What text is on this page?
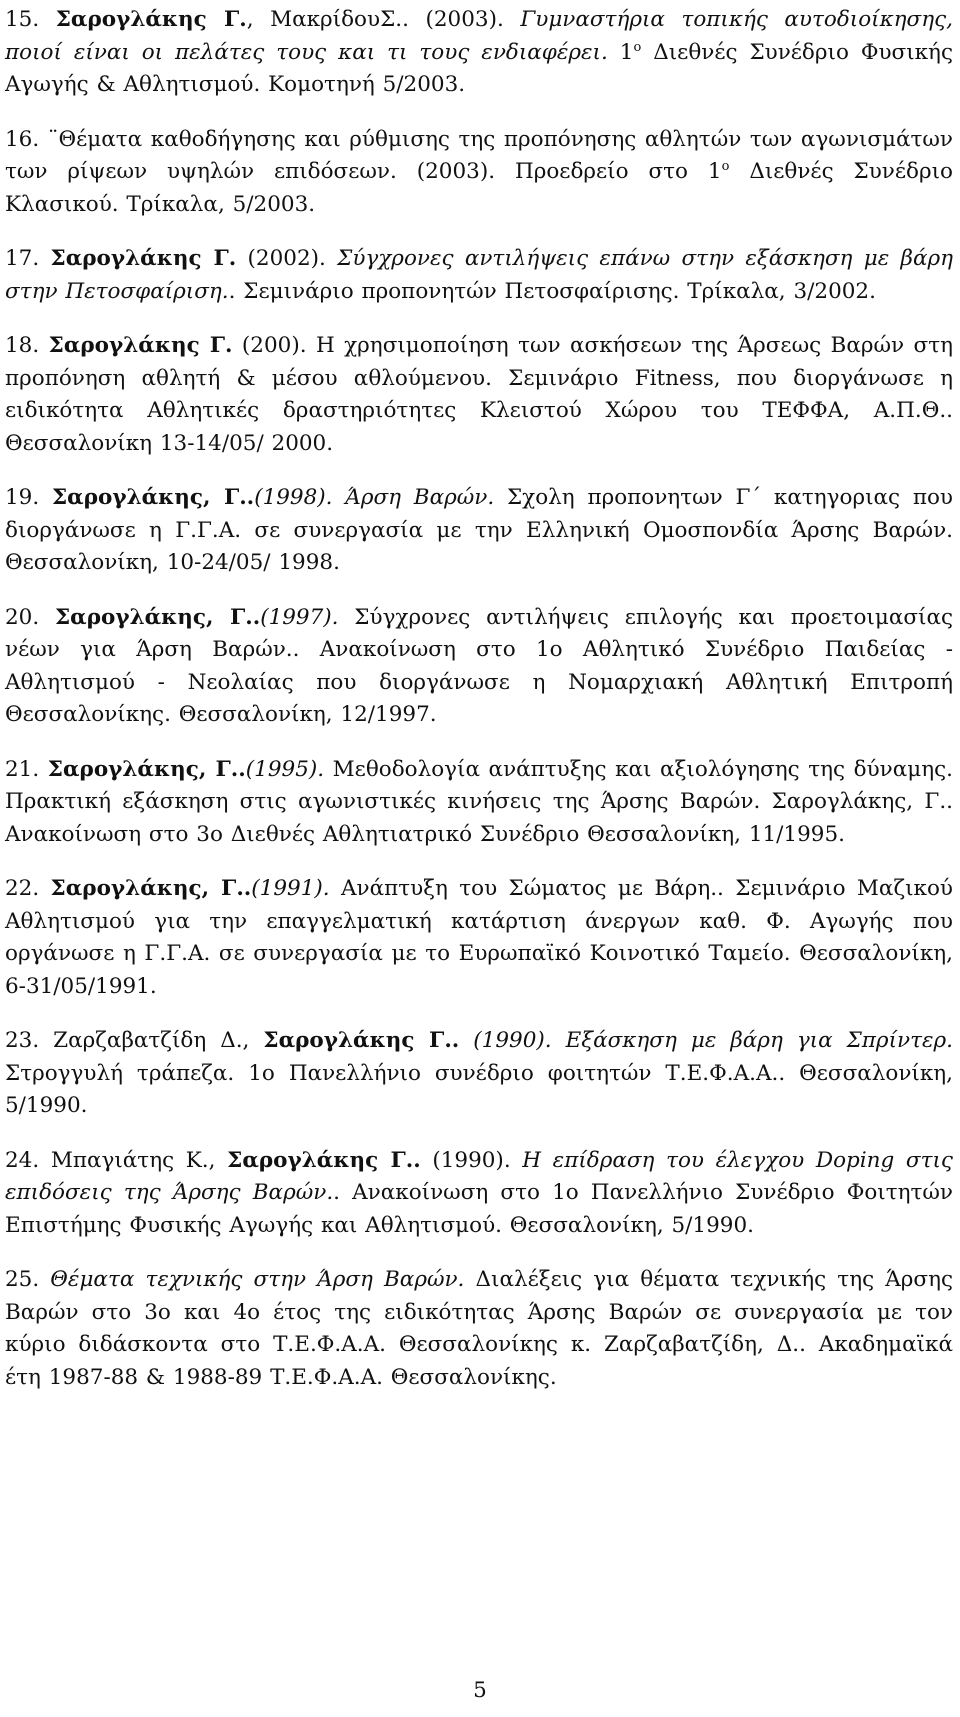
15. Σαρογλάκης Γ., ΜακρίδουΣ.. (2003). Γυμναστήρια τοπικής αυτοδιοίκησης, ποιοί είναι οι πελάτες τους και τι τους ενδιαφέρει. $1^o$ Διεθνές Συνέδριο Φυσικής Αγωγής & Αθλητισμού. Κομοτηνή 5/2003.

16. ¨Θέματα καθοδήγησης και ρύθμισης της προπόνησης αθλητών των αγωνισμάτων των ρίψεων υψηλών επιδόσεων. (2003). Προεδρείο στο $1^o$ Διεθνές Συνέδριο Κλασικού. Τρίκαλα, 5/2003.

17. Σαρογλάκης Γ. (2002). Σύγχρονες αντιλήψεις επάνω στην εξάσκηση με βάρη στην Πετοσφαίριση.. Σεμινάριο προπονητών Πετοσφαίρισης. Τρίκαλα, 3/2002.

18. Σαρογλάκης Γ. (200). Η χρησιμοποίηση των ασκήσεων της Άρσεως Βαρών στη προπόνηση αθλητή & μέσου αθλούμενου. Σεμινάριο Fitness, που διοργάνωσε η ειδικότητα Αθλητικές δραστηριότητες Κλειστού Χώρου του ΤΕΦΦΑ, Α.Π.Θ.. Θεσσαλονίκη 13-14/05/ 2000.

19. Σαρογλάκης, Γ..(1998). Άρση Βαρών. Σχολη προπονητων Γ΄ κατηγοριας που διοργάνωσε η Γ.Γ.Α. σε συνεργασία με την Ελληνική Ομοσπονδία Άρσης Βαρών. Θεσσαλονίκη, 10-24/05/ 1998.

20. Σαρογλάκης, Γ..(1997). Σύγχρονες αντιλήψεις επιλογής και προετοιμασίας νέων για Άρση Βαρών.. Ανακοίνωση στο 1ο Αθλητικό Συνέδριο Παιδείας - Αθλητισμού - Νεολαίας που διοργάνωσε η Νομαρχιακή Αθλητική Επιτροπή Θεσσαλονίκης. Θεσσαλονίκη, 12/1997.

21. Σαρογλάκης, Γ..(1995). Μεθοδολογία ανάπτυξης και αξιολόγησης της δύναμης. Πρακτική εξάσκηση στις αγωνιστικές κινήσεις της Άρσης Βαρών. Σαρογλάκης, Γ.. Ανακοίνωση στο 3ο Διεθνές Αθλητιατρικό Συνέδριο Θεσσαλονίκη, 11/1995.

22. Σαρογλάκης, Γ..(1991). Ανάπτυξη του Σώματος με Βάρη.. Σεμινάριο Μαζικού Αθλητισμού για την επαγγελματική κατάρτιση άνεργων καθ. Φ. Αγωγής που οργάνωσε η Γ.Γ.Α. σε συνεργασία με το Ευρωπαϊκό Κοινοτικό Ταμείο. Θεσσαλονίκη, 6-31/05/1991.

23. Ζαρζαβατζίδη Δ., Σαρογλάκης Γ.. (1990). Εξάσκηση με βάρη για Σπρίντερ. Στρογγυλή τράπεζα. 1ο Πανελλήνιο συνέδριο φοιτητών Τ.Ε.Φ.Α.Α.. Θεσσαλονίκη, 5/1990.

24. Μπαγιάτης Κ., Σαρογλάκης Γ.. (1990). Η επίδραση του έλεγχου Doping στις επιδόσεις της Άρσης Βαρών.. Ανακοίνωση στο 1ο Πανελλήνιο Συνέδριο Φοιτητών Επιστήμης Φυσικής Αγωγής και Αθλητισμού. Θεσσαλονίκη, 5/1990.

25. Θέματα τεχνικής στην Άρση Βαρών. Διαλέξεις για θέματα τεχνικής της Άρσης Βαρών στο 3ο και 4ο έτος της ειδικότητας Άρσης Βαρών σε συνεργασία με τον κύριο διδάσκοντα στο Τ.Ε.Φ.Α.Α. Θεσσαλονίκης κ. Ζαρζαβατζίδη, Δ.. Ακαδημαϊκά έτη 1987-88 & 1988-89 Τ.Ε.Φ.Α.Α. Θεσσαλονίκης.

5
